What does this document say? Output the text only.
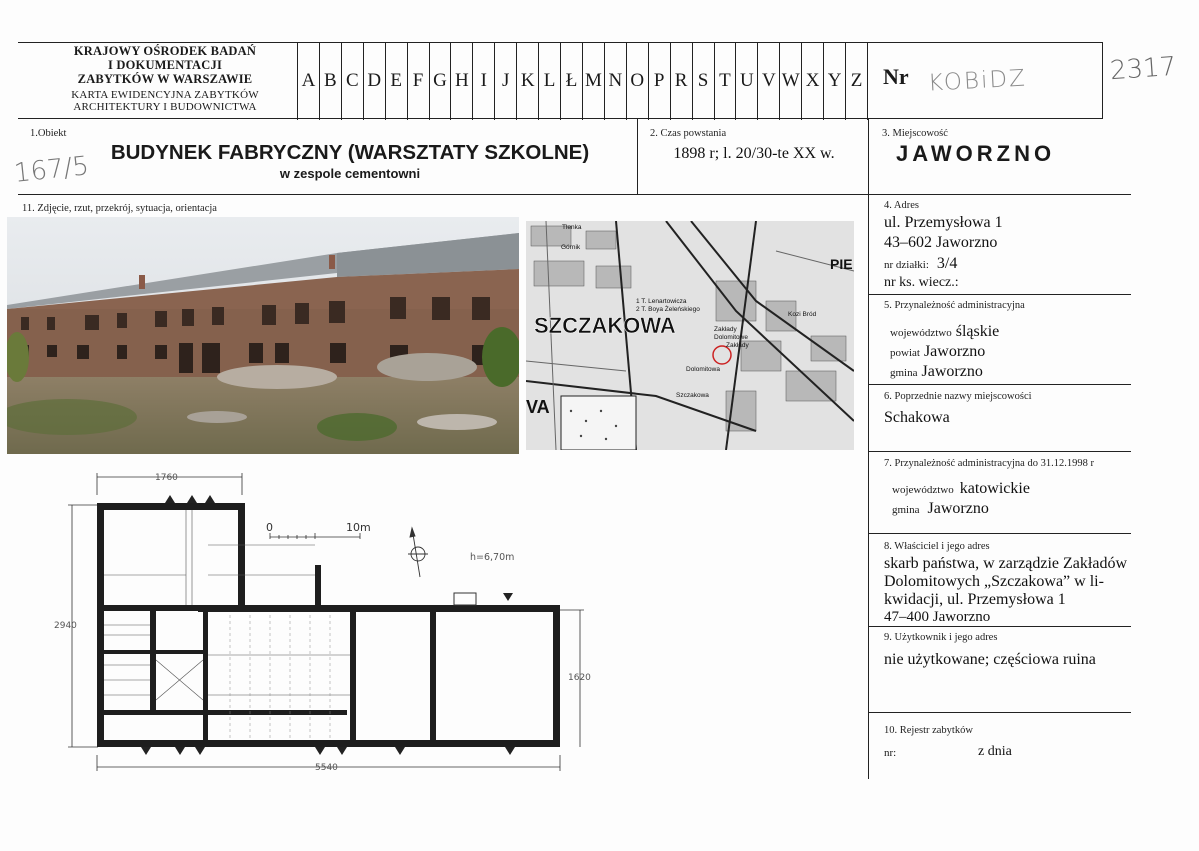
KRAJOWY OŚRODEK BADAŃ
I DOKUMENTACJI
ZABYTKÓW W WARSZAWIE
KARTA EWIDENCYJNA ZABYTKÓW
ARCHITEKTURY I BUDOWNICTWA
A B C D E F G H I J K L Ł M N O P R S T U V W X Y Z Nr KOBiDZ	2317
1.Obiekt
167/5	BUDYNEK FABRYCZNY (WARSZTATY SZKOLNE)
w zespole cementowni
2. Czas powstania
1898 r; l. 20/30-te XX w.
3. Miejscowość
JAWORZNO
4. Adres
ul. Przemysłowa 1
43–602 Jaworzno
nr działki: 3/4
nr ks. wiecz.:
5. Przynależność administracyjna
województwo śląskie
powiat Jaworzno
gmina Jaworzno
6. Poprzednie nazwy miejscowości
Schakowa
7. Przynależność administracyjna do 31.12.1998 r
województwo katowickie
gmina Jaworzno
8. Właściciel i jego adres
skarb państwa, w zarządzie Zakładów
Dolomitowych „Szczakowa” w li-
kwidacji, ul. Przemysłowa 1
47–400 Jaworzno
9. Użytkownik i jego adres
nie użytkowane; częściowa ruina
10. Rejestr zabytków
nr:	z dnia
11. Zdjęcie, rzut, przekrój, sytuacja, orientacja
SZCZAKOWA
VA
PIE
Tlenka
Górnik
Zakłady
Dolomitowe
Kozi Bród
Dolomitowa
Szczakowa
1 T. Lenartowicza
2 T. Boya Żeleńskiego
Zakłady
1760
2940
1620
5540
0	10m
h=6,70m
